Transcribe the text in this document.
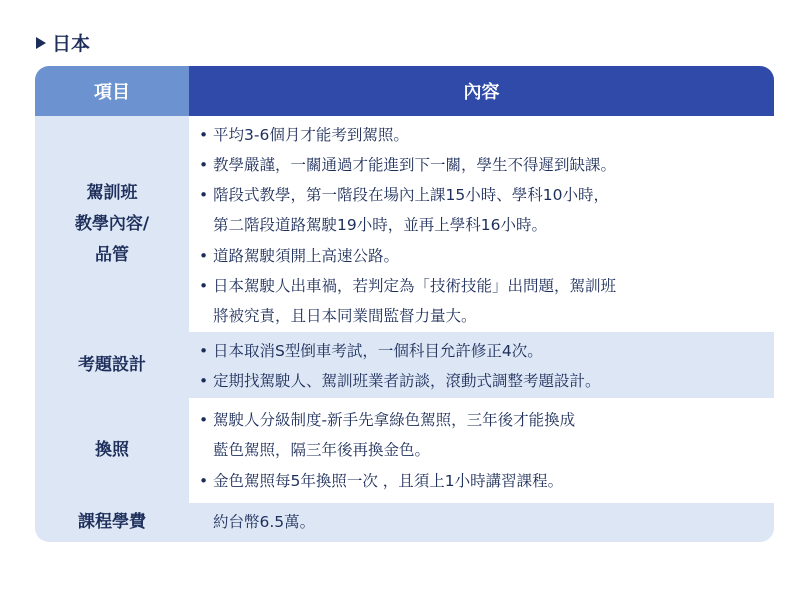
日本
項目	內容
駕訓班
教學內容/
品管
• 平均3-6個月才能考到駕照。
• 教學嚴謹，一關通過才能進到下一關，學生不得遲到缺課。
• 階段式教學，第一階段在場內上課15小時、學科10小時，
第二階段道路駕駛19小時，並再上學科16小時。
• 道路駕駛須開上高速公路。
• 日本駕駛人出車禍，若判定為「技術技能」出問題，駕訓班
將被究責，且日本同業間監督力量大。
考題設計
• 日本取消S型倒車考試，一個科目允許修正4次。
• 定期找駕駛人、駕訓班業者訪談，滾動式調整考題設計。
換照
• 駕駛人分級制度-新手先拿綠色駕照，三年後才能換成
藍色駕照，隔三年後再換金色。
• 金色駕照每5年換照一次 ，且須上1小時講習課程。
課程學費	約台幣6.5萬。
